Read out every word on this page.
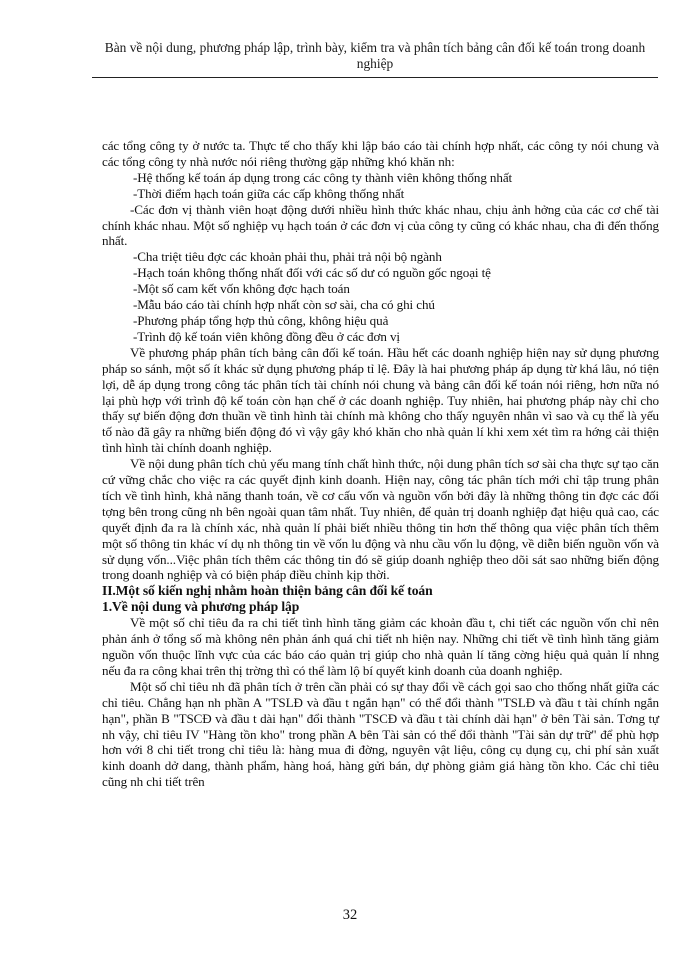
Bàn về nội dung, phương pháp lập, trình bày, kiểm tra và phân tích bảng cân đối kế toán trong doanh nghiệp

các tổng công ty ở nước ta. Thực tế cho thấy khi lập báo cáo tài chính hợp nhất, các công ty nói chung và các tổng công ty nhà nước nói riêng thường gặp những khó khăn nh:

-Hệ thống kế toán áp dụng trong các công ty thành viên không thống nhất

-Thời điểm hạch toán giữa các cấp không thống nhất

-Các đơn vị thành viên hoạt động dưới nhiều hình thức khác nhau, chịu ảnh hởng của các cơ chế tài chính khác nhau. Một số nghiệp vụ hạch toán ở các đơn vị của công ty cũng có khác nhau, cha đi đến thống nhất.

-Cha triệt tiêu đợc các khoản phải thu, phải trả nội bộ ngành

-Hạch toán không thống nhất đối với các số dư có nguồn gốc ngoại tệ

-Một số cam kết vốn không đợc hạch toán

-Mẫu báo cáo tài chính hợp nhất còn sơ sài, cha có ghi chú

-Phương pháp tổng hợp thủ công, không hiệu quả

-Trình độ kế toán viên không đồng đều ở các đơn vị

Về phương pháp phân tích bảng cân đối kế toán. Hầu hết các doanh nghiệp hiện nay sử dụng phương pháp so sánh, một số ít khác sử dụng phương pháp tỉ lệ. Đây là hai phương pháp áp dụng từ khá lâu, nó tiện lợi, dễ áp dụng trong công tác phân tích tài chính nói chung và bảng cân đối kế toán nói riêng, hơn nữa nó lại phù hợp với trình độ kế toán còn hạn chế ở các doanh nghiệp. Tuy nhiên, hai phương pháp này chỉ cho thấy sự biến động đơn thuần về tình hình tài chính mà không cho thấy nguyên nhân vì sao và cụ thể là yếu tố nào đã gây ra những biến động đó vì vậy gây khó khăn cho nhà quản lí khi xem xét tìm ra hớng cải thiện tình hình tài chính doanh nghiệp.

Về nội dung phân tích chủ yếu mang tính chất hình thức, nội dung phân tích sơ sài cha thực sự tạo căn cứ vững chắc cho việc ra các quyết định kinh doanh. Hiện nay, công tác phân tích mới chỉ tập trung phân tích về tình hình, khả năng thanh toán, về cơ cấu vốn và nguồn vốn bởi đây là những thông tin đợc các đối tợng bên trong cũng nh bên ngoài quan tâm nhất. Tuy nhiên, để quản trị doanh nghiệp đạt hiệu quả cao, các quyết định đa ra là chính xác, nhà quản lí phải biết nhiều thông tin hơn thế thông qua việc phân tích thêm một số thông tin khác ví dụ nh thông tin về vốn lu động và nhu cầu vốn lu động, về diễn biến nguồn vốn và sử dụng vốn...Việc phân tích thêm các thông tin đó sẽ giúp doanh nghiệp theo dõi sát sao những biến động trong doanh nghiệp và có biện pháp điều chỉnh kịp thời.

II.Một số kiến nghị nhằm hoàn thiện bảng cân đối kế toán

1.Về nội dung và phương pháp lập

Về một số chỉ tiêu đa ra chi tiết tình hình tăng giảm các khoản đầu t, chi tiết các nguồn vốn chỉ nên phản ánh ở tổng số mà không nên phản ánh quá chi tiết nh hiện nay. Những chi tiết về tình hình tăng giảm nguồn vốn thuộc lĩnh vực của các báo cáo quản trị giúp cho nhà quản lí tăng cờng hiệu quả quản lí nhng nếu đa ra công khai trên thị trờng thì có thể làm lộ bí quyết kinh doanh của doanh nghiệp.

Một số chỉ tiêu nh đã phân tích ở trên cần phải có sự thay đổi về cách gọi sao cho thống nhất giữa các chỉ tiêu. Chẳng hạn nh phần A "TSLĐ và đầu t ngắn hạn" có thể đổi thành "TSLĐ và đầu t tài chính ngắn hạn", phần B "TSCĐ và đầu t dài hạn" đổi thành "TSCĐ và đầu t tài chính dài hạn" ở bên Tài sản. Tơng tự nh vậy, chỉ tiêu IV "Hàng tồn kho" trong phần A bên Tài sản có thể đổi thành "Tài sản dự trữ" để phù hợp hơn với 8 chi tiết trong chỉ tiêu là: hàng mua đi đờng, nguyên vật liệu, công cụ dụng cụ, chi phí sản xuất kinh doanh dở dang, thành phẩm, hàng hoá, hàng gửi bán, dự phòng giảm giá hàng tồn kho. Các chỉ tiêu cũng nh chi tiết trên

32
